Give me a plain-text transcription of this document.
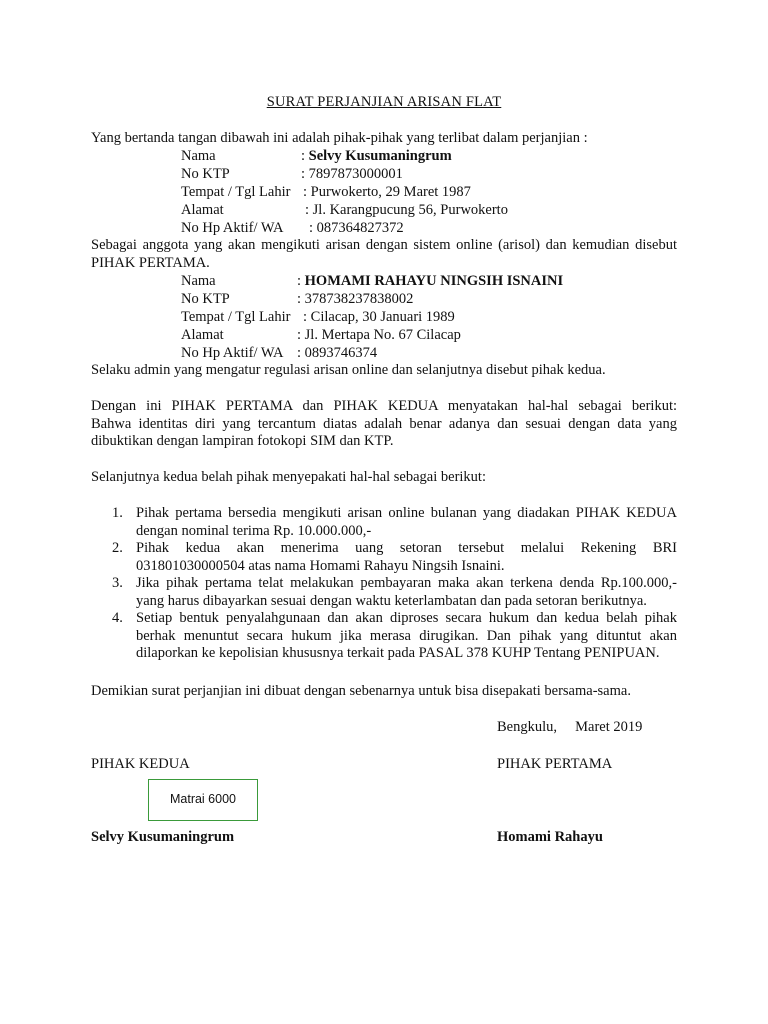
SURAT PERJANJIAN ARISAN FLAT
Yang bertanda tangan dibawah ini adalah pihak-pihak yang terlibat dalam perjanjian :
Nama	: Selvy Kusumaningrum
No KTP	: 7897873000001
Tempat / Tgl Lahir : Purwokerto, 29 Maret 1987
Alamat	: Jl. Karangpucung 56, Purwokerto
No Hp Aktif/ WA : 087364827372
Sebagai anggota yang akan mengikuti arisan dengan sistem online (arisol) dan kemudian disebut
PIHAK PERTAMA.
Nama	: HOMAMI RAHAYU NINGSIH ISNAINI
No KTP	: 378738237838002
Tempat / Tgl Lahir : Cilacap, 30 Januari 1989
Alamat	: Jl. Mertapa No. 67 Cilacap
No Hp Aktif/ WA : 0893746374
Selaku admin yang mengatur regulasi arisan online dan selanjutnya disebut pihak kedua.
Dengan ini PIHAK PERTAMA dan PIHAK KEDUA menyatakan hal-hal sebagai berikut:
Bahwa identitas diri yang tercantum diatas adalah benar adanya dan sesuai dengan data yang
dibuktikan dengan lampiran fotokopi SIM dan KTP.
Selanjutnya kedua belah pihak menyepakati hal-hal sebagai berikut:
1. Pihak pertama bersedia mengikuti arisan online bulanan yang diadakan PIHAK KEDUA
dengan nominal terima Rp. 10.000.000,-
2. Pihak kedua akan menerima uang setoran tersebut melalui Rekening BRI
031801030000504 atas nama Homami Rahayu Ningsih Isnaini.
3. Jika pihak pertama telat melakukan pembayaran maka akan terkena denda Rp.100.000,-
yang harus dibayarkan sesuai dengan waktu keterlambatan dan pada setoran berikutnya.
4. Setiap bentuk penyalahgunaan dan akan diproses secara hukum dan kedua belah pihak
berhak menuntut secara hukum jika merasa dirugikan. Dan pihak yang dituntut akan
dilaporkan ke kepolisian khususnya terkait pada PASAL 378 KUHP Tentang PENIPUAN.
Demikian surat perjanjian ini dibuat dengan sebenarnya untuk bisa disepakati bersama-sama.
Bengkulu,     Maret 2019
PIHAK KEDUA	PIHAK PERTAMA
Matrai 6000
Selvy Kusumaningrum	Homami Rahayu
